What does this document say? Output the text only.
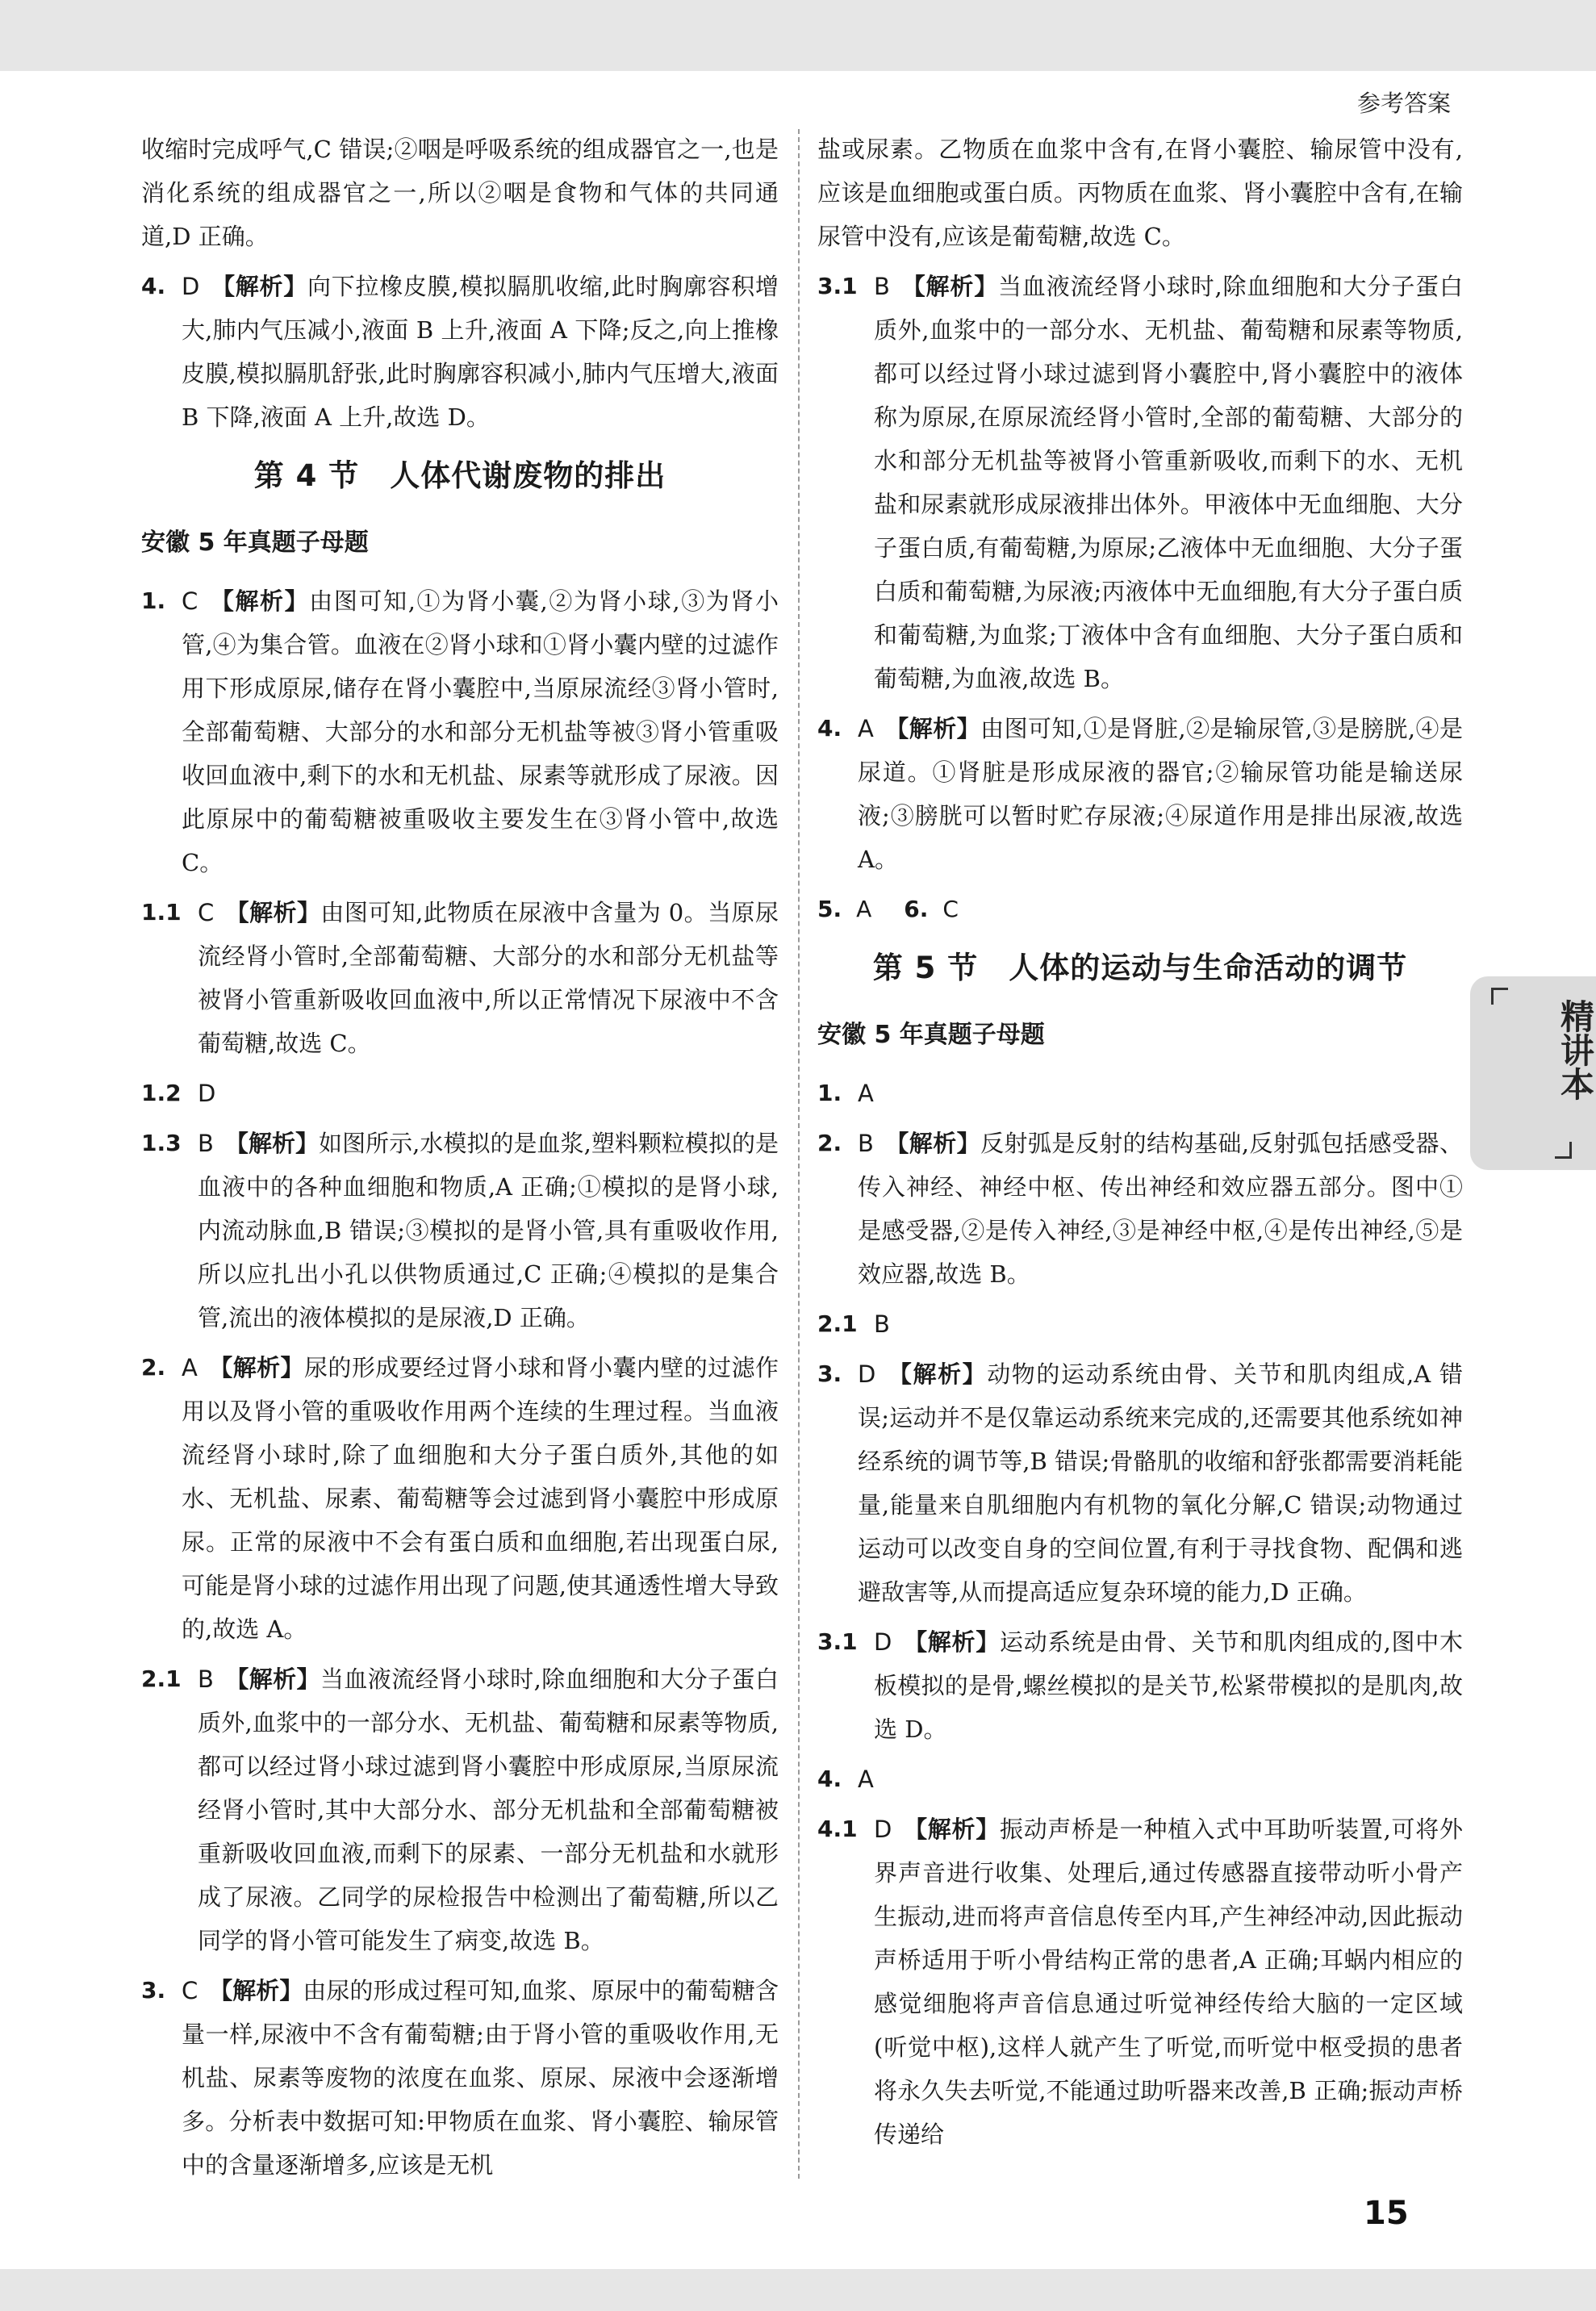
参考答案
收缩时完成呼气,C 错误;②咽是呼吸系统的组成器官之一,也是消化系统的组成器官之一,所以②咽是食物和气体的共同通道,D 正确。
4. D 【解析】向下拉橡皮膜,模拟膈肌收缩,此时胸廓容积增大,肺内气压减小,液面 B 上升,液面 A 下降;反之,向上推橡皮膜,模拟膈肌舒张,此时胸廓容积减小,肺内气压增大,液面 B 下降,液面 A 上升,故选 D。
第 4 节　人体代谢废物的排出
安徽 5 年真题子母题
1. C 【解析】由图可知,①为肾小囊,②为肾小球,③为肾小管,④为集合管。血液在②肾小球和①肾小囊内壁的过滤作用下形成原尿,储存在肾小囊腔中,当原尿流经③肾小管时,全部葡萄糖、大部分的水和部分无机盐等被③肾小管重吸收回血液中,剩下的水和无机盐、尿素等就形成了尿液。因此原尿中的葡萄糖被重吸收主要发生在③肾小管中,故选 C。
1.1 C 【解析】由图可知,此物质在尿液中含量为 0。当原尿流经肾小管时,全部葡萄糖、大部分的水和部分无机盐等被肾小管重新吸收回血液中,所以正常情况下尿液中不含葡萄糖,故选 C。
1.2 D
1.3 B 【解析】如图所示,水模拟的是血浆,塑料颗粒模拟的是血液中的各种血细胞和物质,A 正确;①模拟的是肾小球,内流动脉血,B 错误;③模拟的是肾小管,具有重吸收作用,所以应扎出小孔以供物质通过,C 正确;④模拟的是集合管,流出的液体模拟的是尿液,D 正确。
2. A 【解析】尿的形成要经过肾小球和肾小囊内壁的过滤作用以及肾小管的重吸收作用两个连续的生理过程。当血液流经肾小球时,除了血细胞和大分子蛋白质外,其他的如水、无机盐、尿素、葡萄糖等会过滤到肾小囊腔中形成原尿。正常的尿液中不会有蛋白质和血细胞,若出现蛋白尿,可能是肾小球的过滤作用出现了问题,使其通透性增大导致的,故选 A。
2.1 B 【解析】当血液流经肾小球时,除血细胞和大分子蛋白质外,血浆中的一部分水、无机盐、葡萄糖和尿素等物质,都可以经过肾小球过滤到肾小囊腔中形成原尿,当原尿流经肾小管时,其中大部分水、部分无机盐和全部葡萄糖被重新吸收回血液,而剩下的尿素、一部分无机盐和水就形成了尿液。乙同学的尿检报告中检测出了葡萄糖,所以乙同学的肾小管可能发生了病变,故选 B。
3. C 【解析】由尿的形成过程可知,血浆、原尿中的葡萄糖含量一样,尿液中不含有葡萄糖;由于肾小管的重吸收作用,无机盐、尿素等废物的浓度在血浆、原尿、尿液中会逐渐增多。分析表中数据可知:甲物质在血浆、肾小囊腔、输尿管中的含量逐渐增多,应该是无机
盐或尿素。乙物质在血浆中含有,在肾小囊腔、输尿管中没有,应该是血细胞或蛋白质。丙物质在血浆、肾小囊腔中含有,在输尿管中没有,应该是葡萄糖,故选 C。
3.1 B 【解析】当血液流经肾小球时,除血细胞和大分子蛋白质外,血浆中的一部分水、无机盐、葡萄糖和尿素等物质,都可以经过肾小球过滤到肾小囊腔中,肾小囊腔中的液体称为原尿,在原尿流经肾小管时,全部的葡萄糖、大部分的水和部分无机盐等被肾小管重新吸收,而剩下的水、无机盐和尿素就形成尿液排出体外。甲液体中无血细胞、大分子蛋白质,有葡萄糖,为原尿;乙液体中无血细胞、大分子蛋白质和葡萄糖,为尿液;丙液体中无血细胞,有大分子蛋白质和葡萄糖,为血浆;丁液体中含有血细胞、大分子蛋白质和葡萄糖,为血液,故选 B。
4. A 【解析】由图可知,①是肾脏,②是输尿管,③是膀胱,④是尿道。①肾脏是形成尿液的器官;②输尿管功能是输送尿液;③膀胱可以暂时贮存尿液;④尿道作用是排出尿液,故选 A。
5. A 6. C
第 5 节　人体的运动与生命活动的调节
安徽 5 年真题子母题
1. A
2. B 【解析】反射弧是反射的结构基础,反射弧包括感受器、传入神经、神经中枢、传出神经和效应器五部分。图中①是感受器,②是传入神经,③是神经中枢,④是传出神经,⑤是效应器,故选 B。
2.1 B
3. D 【解析】动物的运动系统由骨、关节和肌肉组成,A 错误;运动并不是仅靠运动系统来完成的,还需要其他系统如神经系统的调节等,B 错误;骨骼肌的收缩和舒张都需要消耗能量,能量来自肌细胞内有机物的氧化分解,C 错误;动物通过运动可以改变自身的空间位置,有利于寻找食物、配偶和逃避敌害等,从而提高适应复杂环境的能力,D 正确。
3.1 D 【解析】运动系统是由骨、关节和肌肉组成的,图中木板模拟的是骨,螺丝模拟的是关节,松紧带模拟的是肌肉,故选 D。
4. A
4.1 D 【解析】振动声桥是一种植入式中耳助听装置,可将外界声音进行收集、处理后,通过传感器直接带动听小骨产生振动,进而将声音信息传至内耳,产生神经冲动,因此振动声桥适用于听小骨结构正常的患者,A 正确;耳蜗内相应的感觉细胞将声音信息通过听觉神经传给大脑的一定区域(听觉中枢),这样人就产生了听觉,而听觉中枢受损的患者将永久失去听觉,不能通过助听器来改善,B 正确;振动声桥传递给
精讲本
15
